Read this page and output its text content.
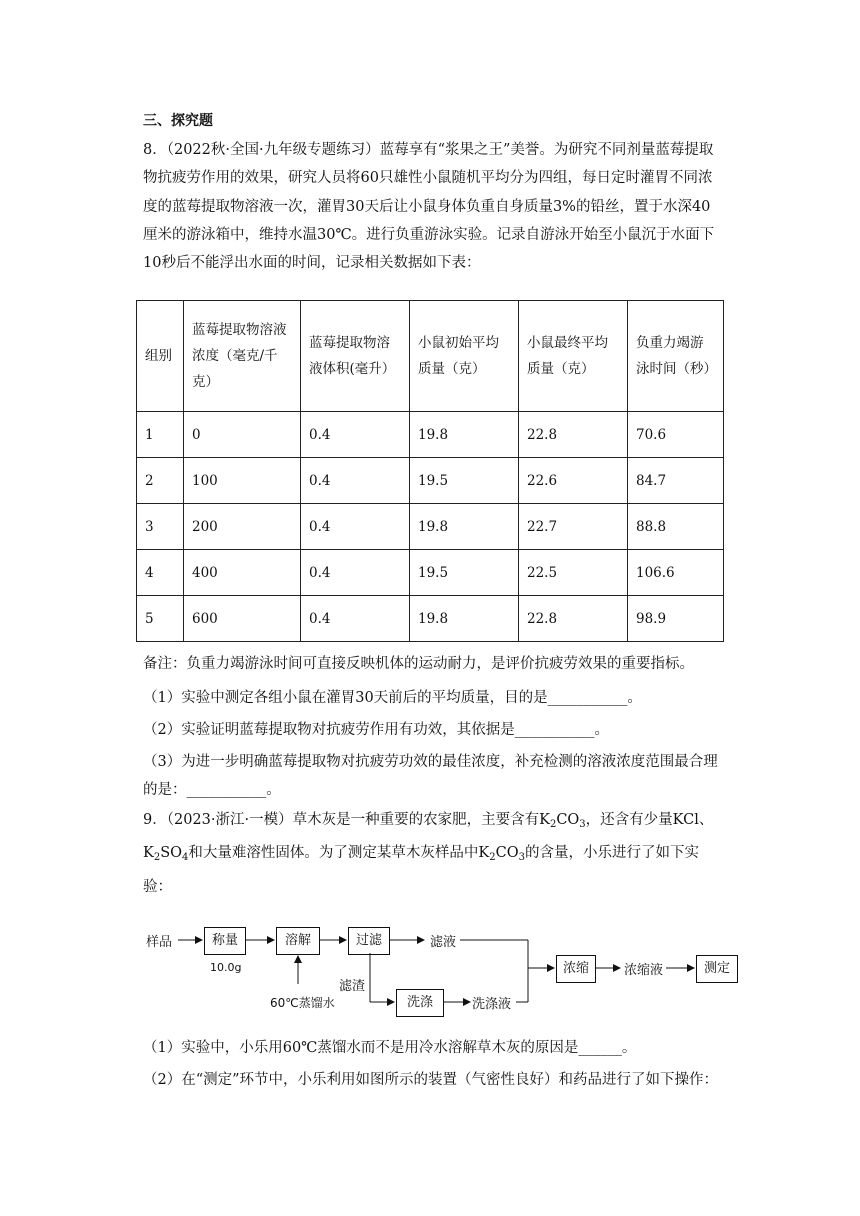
三、探究题
8．（2022秋·全国·九年级专题练习）蓝莓享有“浆果之王”美誉。为研究不同剂量蓝莓提取物抗疲劳作用的效果，研究人员将60只雄性小鼠随机平均分为四组，每日定时灌胃不同浓度的蓝莓提取物溶液一次，灌胃30天后让小鼠身体负重自身质量3%的铅丝，置于水深40厘米的游泳箱中，维持水温30℃。进行负重游泳实验。记录自游泳开始至小鼠沉于水面下10秒后不能浮出水面的时间，记录相关数据如下表：
组别	蓝莓提取物溶液浓度（毫克/千克）	蓝莓提取物溶液体积(毫升）	小鼠初始平均质量（克）	小鼠最终平均质量（克）	负重力竭游泳时间（秒）
1	0	0.4	19.8	22.8	70.6
2	100	0.4	19.5	22.6	84.7
3	200	0.4	19.8	22.7	88.8
4	400	0.4	19.5	22.5	106.6
5	600	0.4	19.8	22.8	98.9
备注：负重力竭游泳时间可直接反映机体的运动耐力，是评价抗疲劳效果的重要指标。
（1）实验中测定各组小鼠在灌胃30天前后的平均质量，目的是___________。
（2）实验证明蓝莓提取物对抗疲劳作用有功效，其依据是___________。
（3）为进一步明确蓝莓提取物对抗疲劳功效的最佳浓度，补充检测的溶液浓度范围最合理的是：___________。
9．（2023·浙江·一模）草木灰是一种重要的农家肥，主要含有$K_2CO_3$，还含有少量KCl、$K_2SO_4$和大量难溶性固体。为了测定某草木灰样品中$K_2CO_3$的含量，小乐进行了如下实验：
样品	称量
10.0g
溶解
60℃蒸馏水
过滤	滤液
滤渣
洗涤	洗涤液
浓缩	浓缩液	测定
（1）实验中，小乐用60℃蒸馏水而不是用冷水溶解草木灰的原因是______。
（2）在“测定”环节中，小乐利用如图所示的装置（气密性良好）和药品进行了如下操作：
